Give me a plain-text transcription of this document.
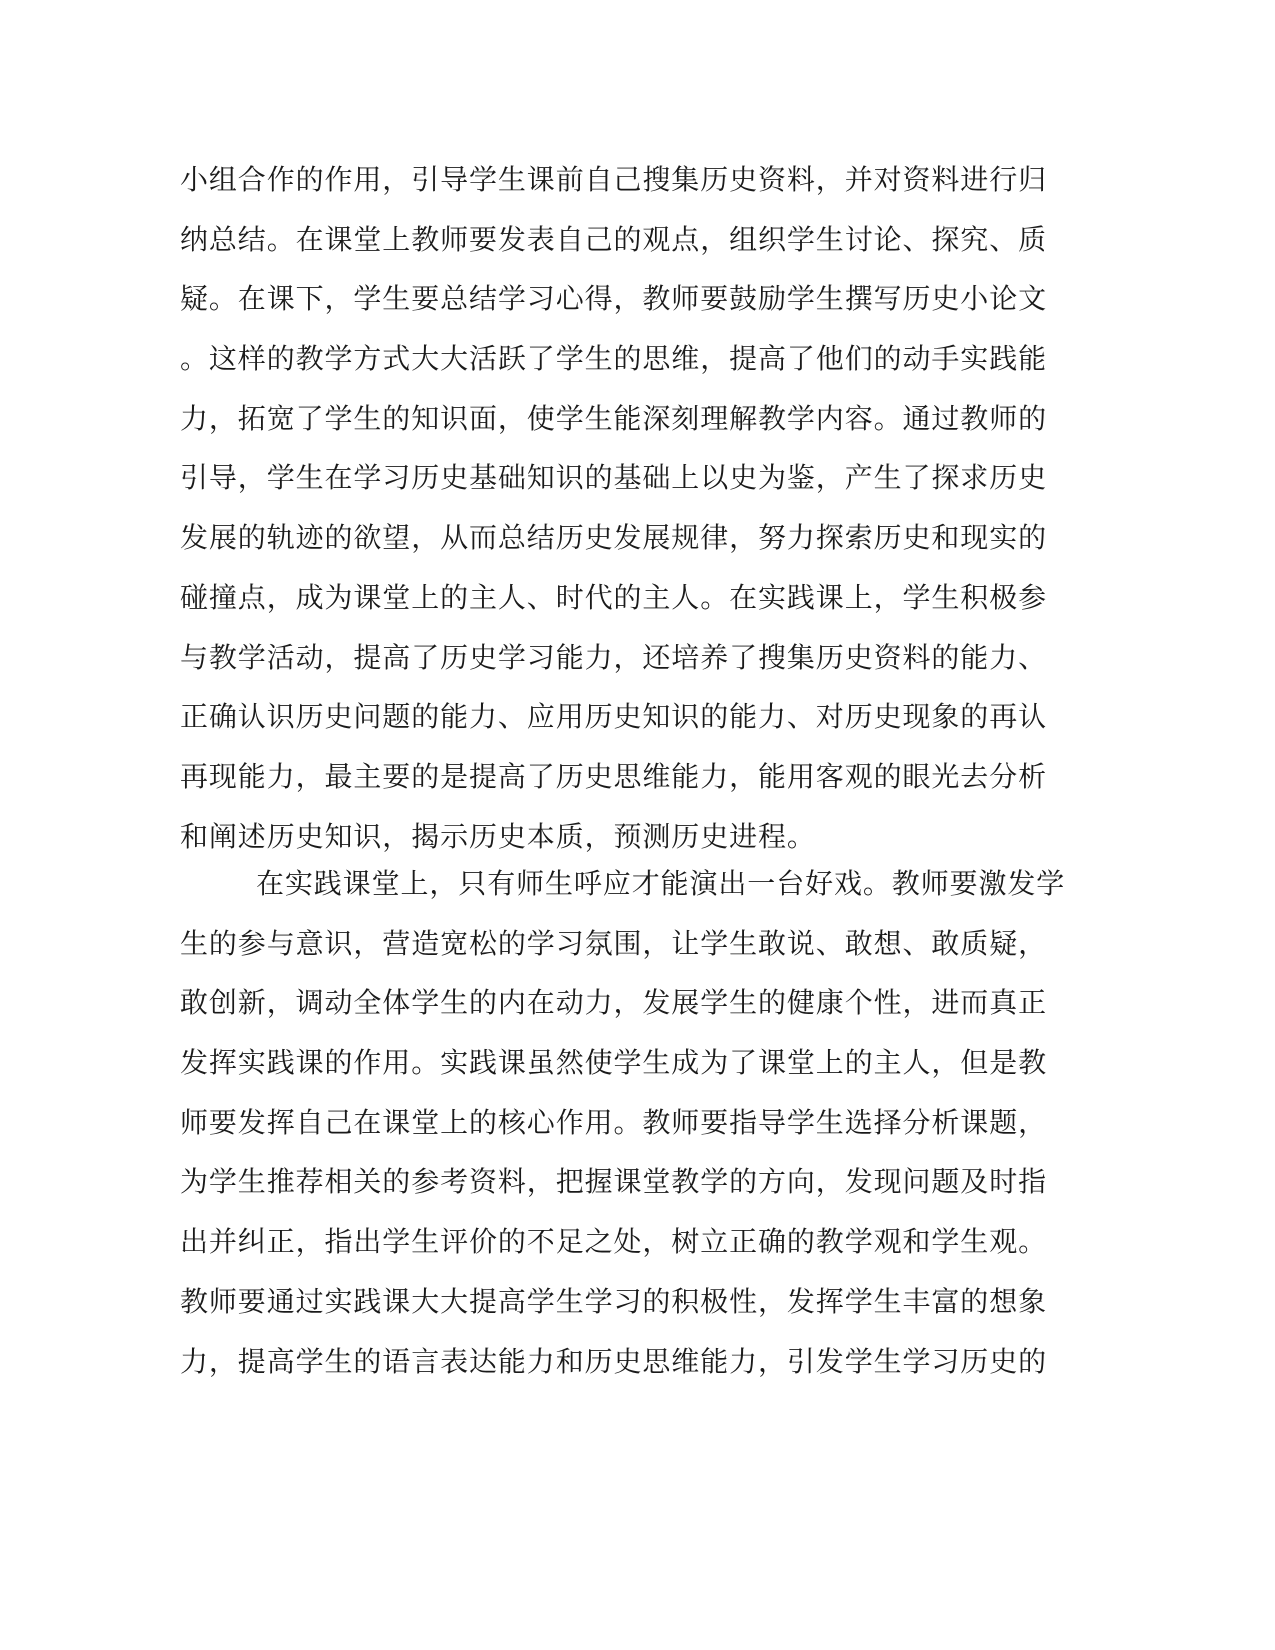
小组合作的作用，引导学生课前自己搜集历史资料，并对资料进行归
纳总结。在课堂上教师要发表自己的观点，组织学生讨论、探究、质
疑。在课下，学生要总结学习心得，教师要鼓励学生撰写历史小论文
。这样的教学方式大大活跃了学生的思维，提高了他们的动手实践能
力，拓宽了学生的知识面，使学生能深刻理解教学内容。通过教师的
引导，学生在学习历史基础知识的基础上以史为鉴，产生了探求历史
发展的轨迹的欲望，从而总结历史发展规律，努力探索历史和现实的
碰撞点，成为课堂上的主人、时代的主人。在实践课上，学生积极参
与教学活动，提高了历史学习能力，还培养了搜集历史资料的能力、
正确认识历史问题的能力、应用历史知识的能力、对历史现象的再认
再现能力，最主要的是提高了历史思维能力，能用客观的眼光去分析
和阐述历史知识，揭示历史本质，预测历史进程。
在实践课堂上，只有师生呼应才能演出一台好戏。教师要激发学
生的参与意识，营造宽松的学习氛围，让学生敢说、敢想、敢质疑，
敢创新，调动全体学生的内在动力，发展学生的健康个性，进而真正
发挥实践课的作用。实践课虽然使学生成为了课堂上的主人，但是教
师要发挥自己在课堂上的核心作用。教师要指导学生选择分析课题，
为学生推荐相关的参考资料，把握课堂教学的方向，发现问题及时指
出并纠正，指出学生评价的不足之处，树立正确的教学观和学生观。
教师要通过实践课大大提高学生学习的积极性，发挥学生丰富的想象
力，提高学生的语言表达能力和历史思维能力，引发学生学习历史的
